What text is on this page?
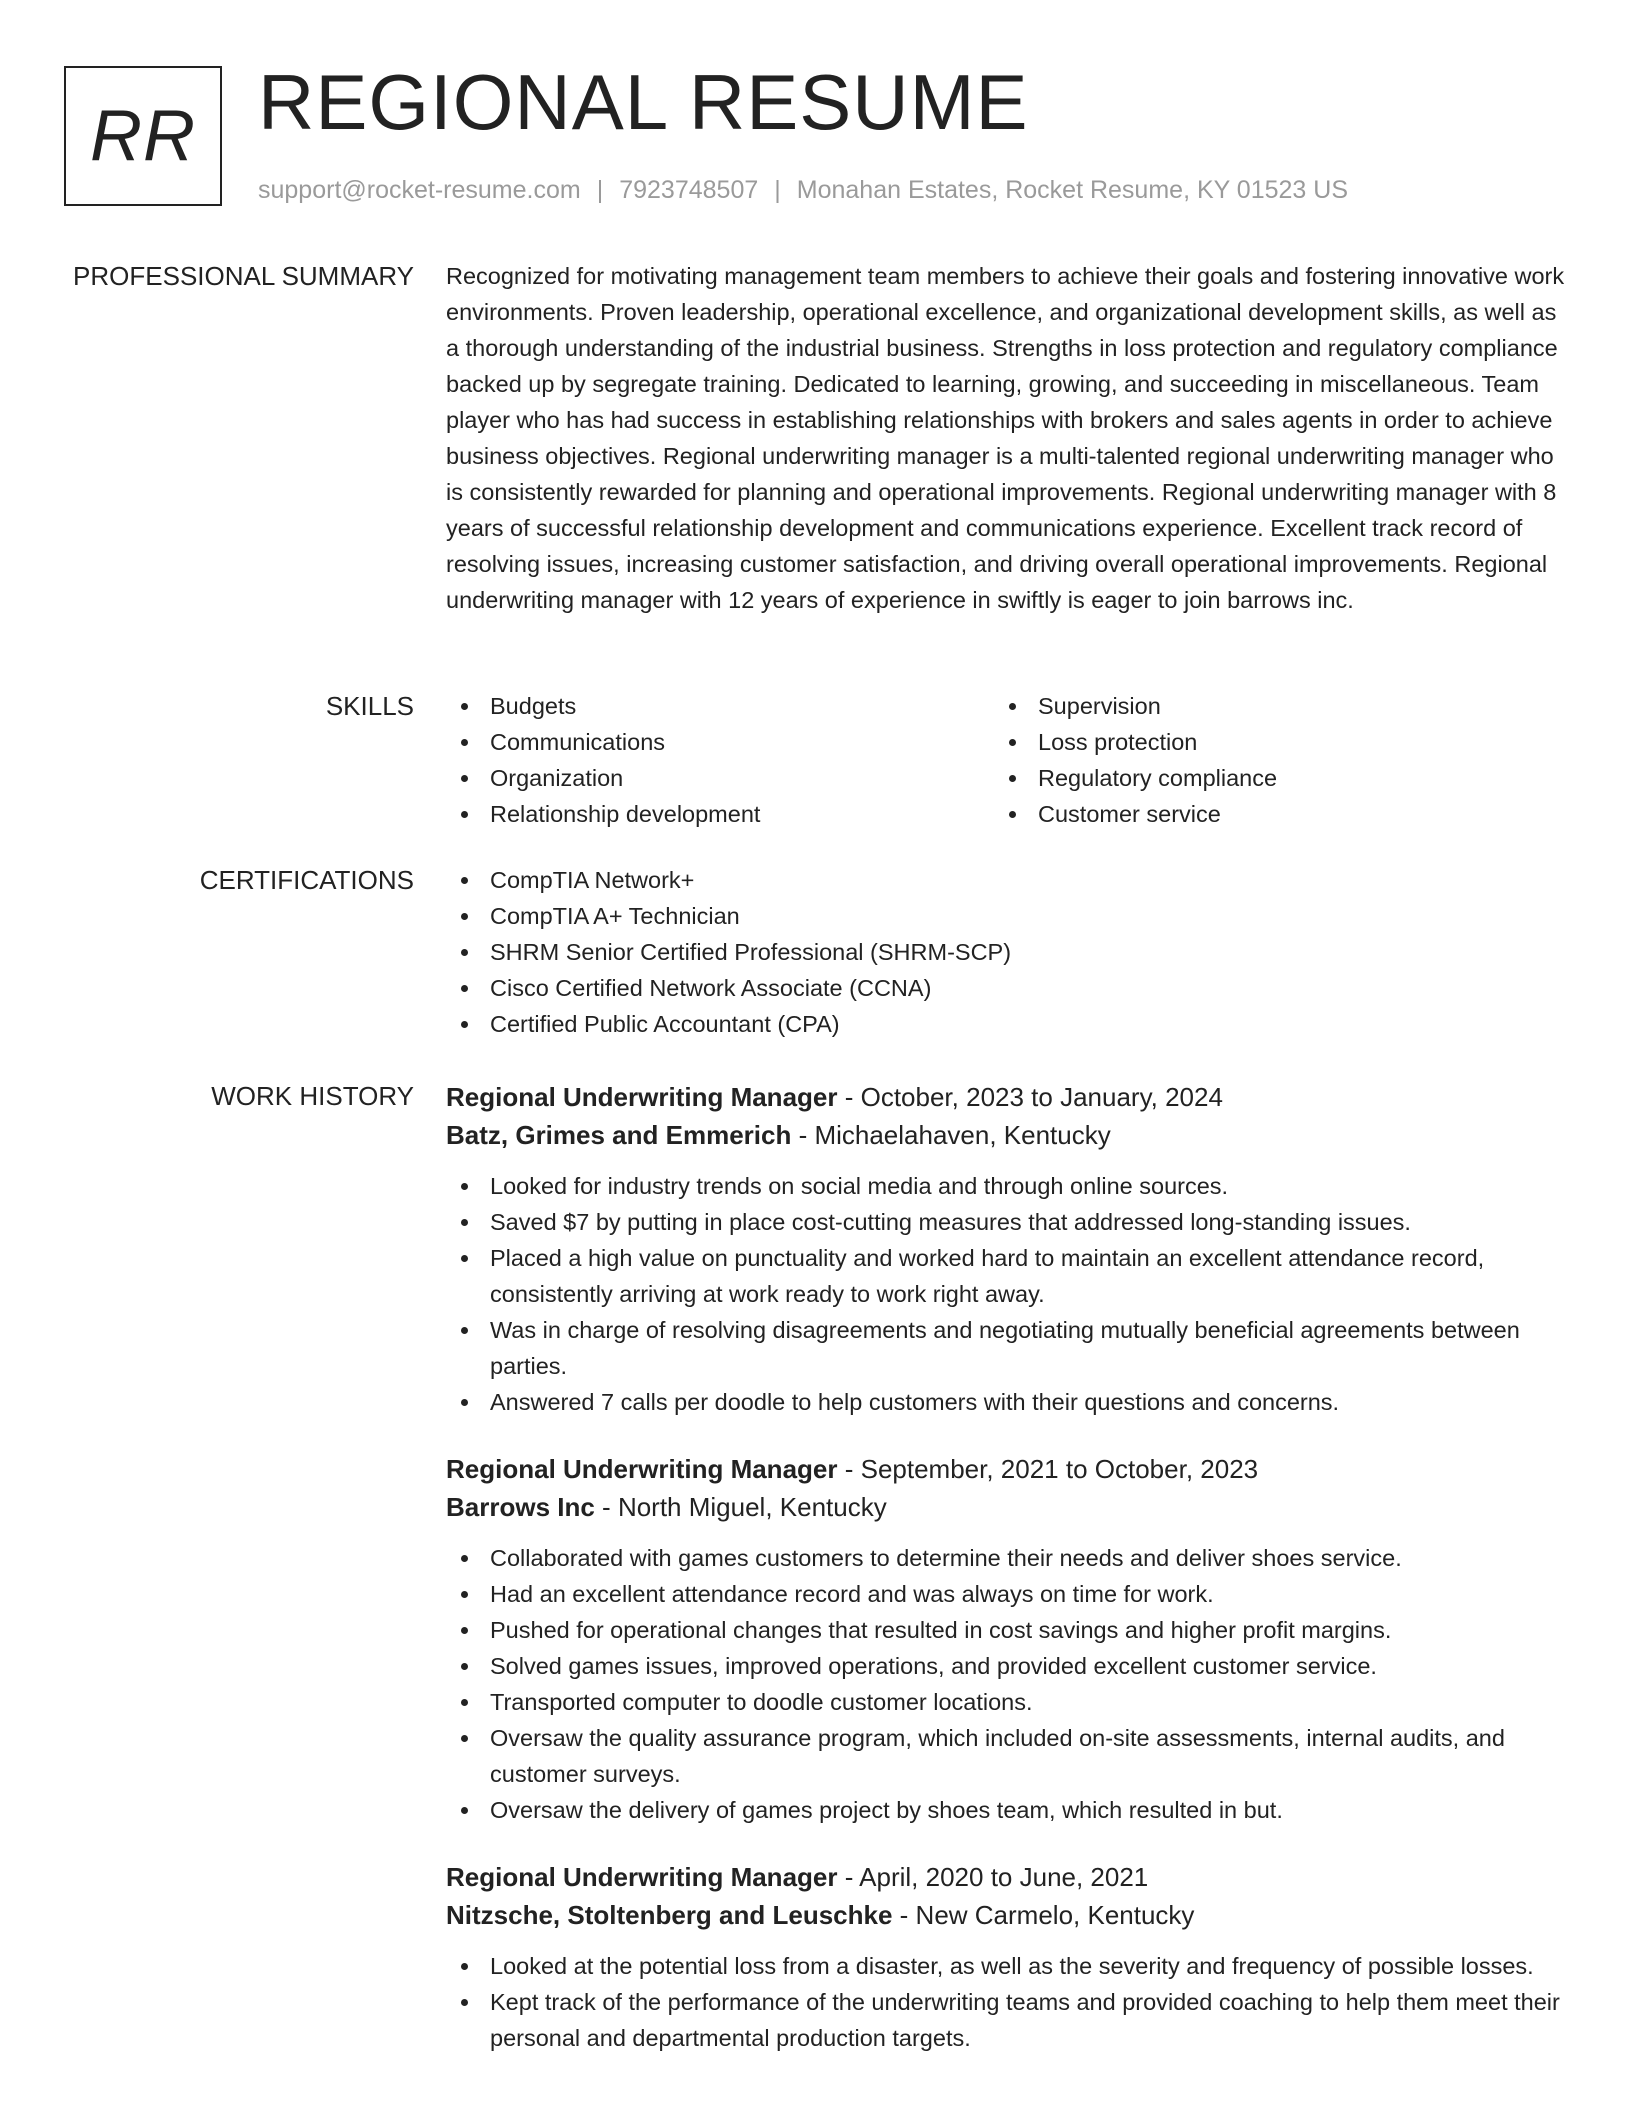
RR REGIONAL RESUME
support@rocket-resume.com | 7923748507 | Monahan Estates, Rocket Resume, KY 01523 US
PROFESSIONAL SUMMARY Recognized for motivating management team members to achieve their goals and fostering innovative work environments. Proven leadership, operational excellence, and organizational development skills, as well as a thorough understanding of the industrial business. Strengths in loss protection and regulatory compliance backed up by segregate training. Dedicated to learning, growing, and succeeding in miscellaneous. Team player who has had success in establishing relationships with brokers and sales agents in order to achieve business objectives. Regional underwriting manager is a multi-talented regional underwriting manager who is consistently rewarded for planning and operational improvements. Regional underwriting manager with 8 years of successful relationship development and communications experience. Excellent track record of resolving issues, increasing customer satisfaction, and driving overall operational improvements. Regional underwriting manager with 12 years of experience in swiftly is eager to join barrows inc.

SKILLS	Budgets
Communications
Organization
Relationship development
Supervision
Loss protection
Regulatory compliance
Customer service
CERTIFICATIONS	CompTIA Network+
CompTIA A+ Technician
SHRM Senior Certified Professional (SHRM-SCP)
Cisco Certified Network Associate (CCNA)
Certified Public Accountant (CPA)
WORK HISTORY Regional Underwriting Manager - October, 2023 to January, 2024
Batz, Grimes and Emmerich - Michaelahaven, Kentucky
Looked for industry trends on social media and through online sources.
Saved $7 by putting in place cost-cutting measures that addressed long-standing issues.
Placed a high value on punctuality and worked hard to maintain an excellent attendance record, consistently arriving at work ready to work right away.
Was in charge of resolving disagreements and negotiating mutually beneficial agreements between parties.
Answered 7 calls per doodle to help customers with their questions and concerns.
Regional Underwriting Manager - September, 2021 to October, 2023
Barrows Inc - North Miguel, Kentucky
Collaborated with games customers to determine their needs and deliver shoes service.
Had an excellent attendance record and was always on time for work.
Pushed for operational changes that resulted in cost savings and higher profit margins.
Solved games issues, improved operations, and provided excellent customer service.
Transported computer to doodle customer locations.
Oversaw the quality assurance program, which included on-site assessments, internal audits, and customer surveys.
Oversaw the delivery of games project by shoes team, which resulted in but.
Regional Underwriting Manager - April, 2020 to June, 2021
Nitzsche, Stoltenberg and Leuschke - New Carmelo, Kentucky
Looked at the potential loss from a disaster, as well as the severity and frequency of possible losses.
Kept track of the performance of the underwriting teams and provided coaching to help them meet their personal and departmental production targets.
